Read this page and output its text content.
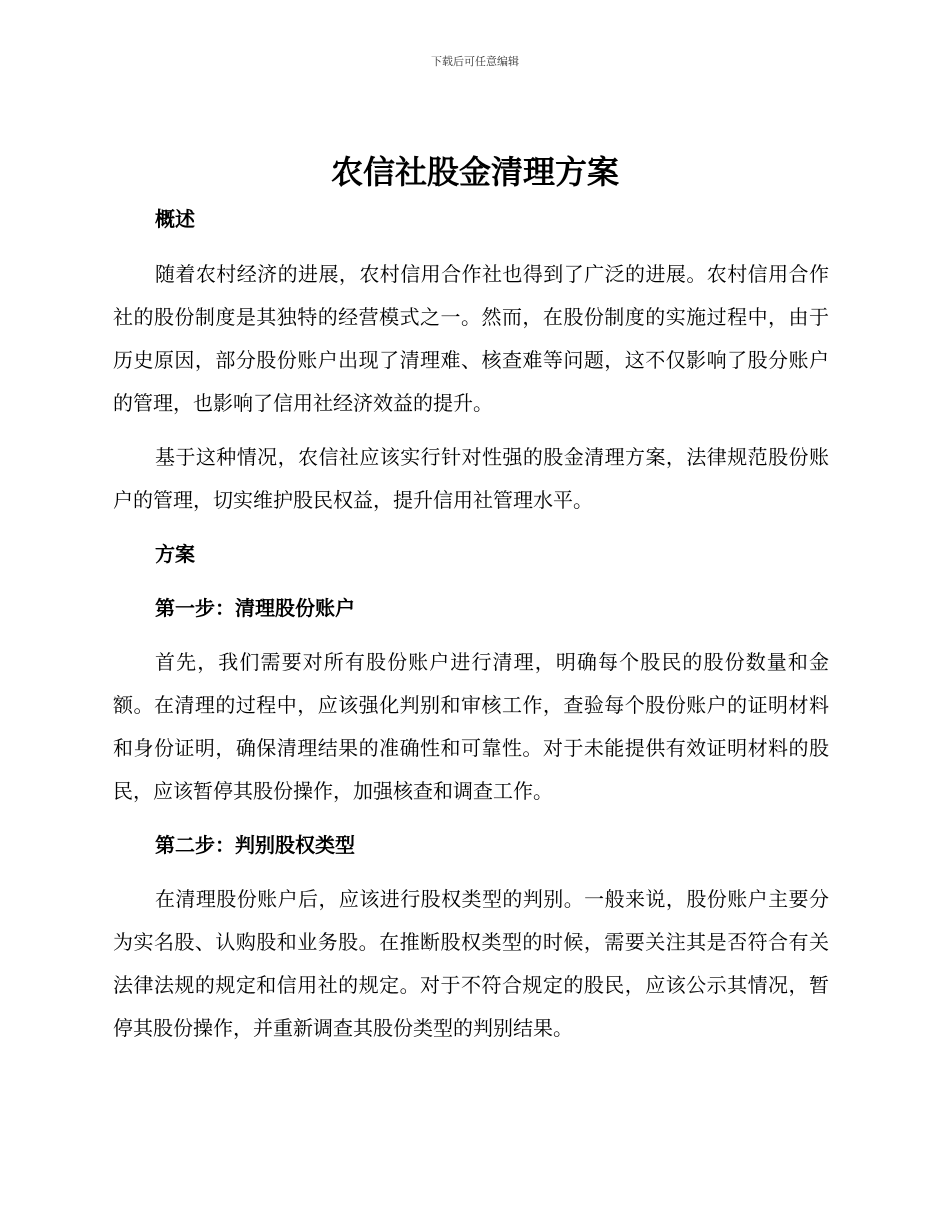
下载后可任意编辑
农信社股金清理方案

概述

随着农村经济的进展，农村信用合作社也得到了广泛的进展。农村信用合作社的股份制度是其独特的经营模式之一。然而，在股份制度的实施过程中，由于历史原因，部分股份账户出现了清理难、核查难等问题，这不仅影响了股分账户的管理，也影响了信用社经济效益的提升。

基于这种情况，农信社应该实行针对性强的股金清理方案，法律规范股份账户的管理，切实维护股民权益，提升信用社管理水平。

方案

第一步：清理股份账户

首先，我们需要对所有股份账户进行清理，明确每个股民的股份数量和金额。在清理的过程中，应该强化判别和审核工作，查验每个股份账户的证明材料和身份证明，确保清理结果的准确性和可靠性。对于未能提供有效证明材料的股民，应该暂停其股份操作，加强核查和调查工作。

第二步：判别股权类型

在清理股份账户后，应该进行股权类型的判别。一般来说，股份账户主要分为实名股、认购股和业务股。在推断股权类型的时候，需要关注其是否符合有关法律法规的规定和信用社的规定。对于不符合规定的股民，应该公示其情况，暂停其股份操作，并重新调查其股份类型的判别结果。
